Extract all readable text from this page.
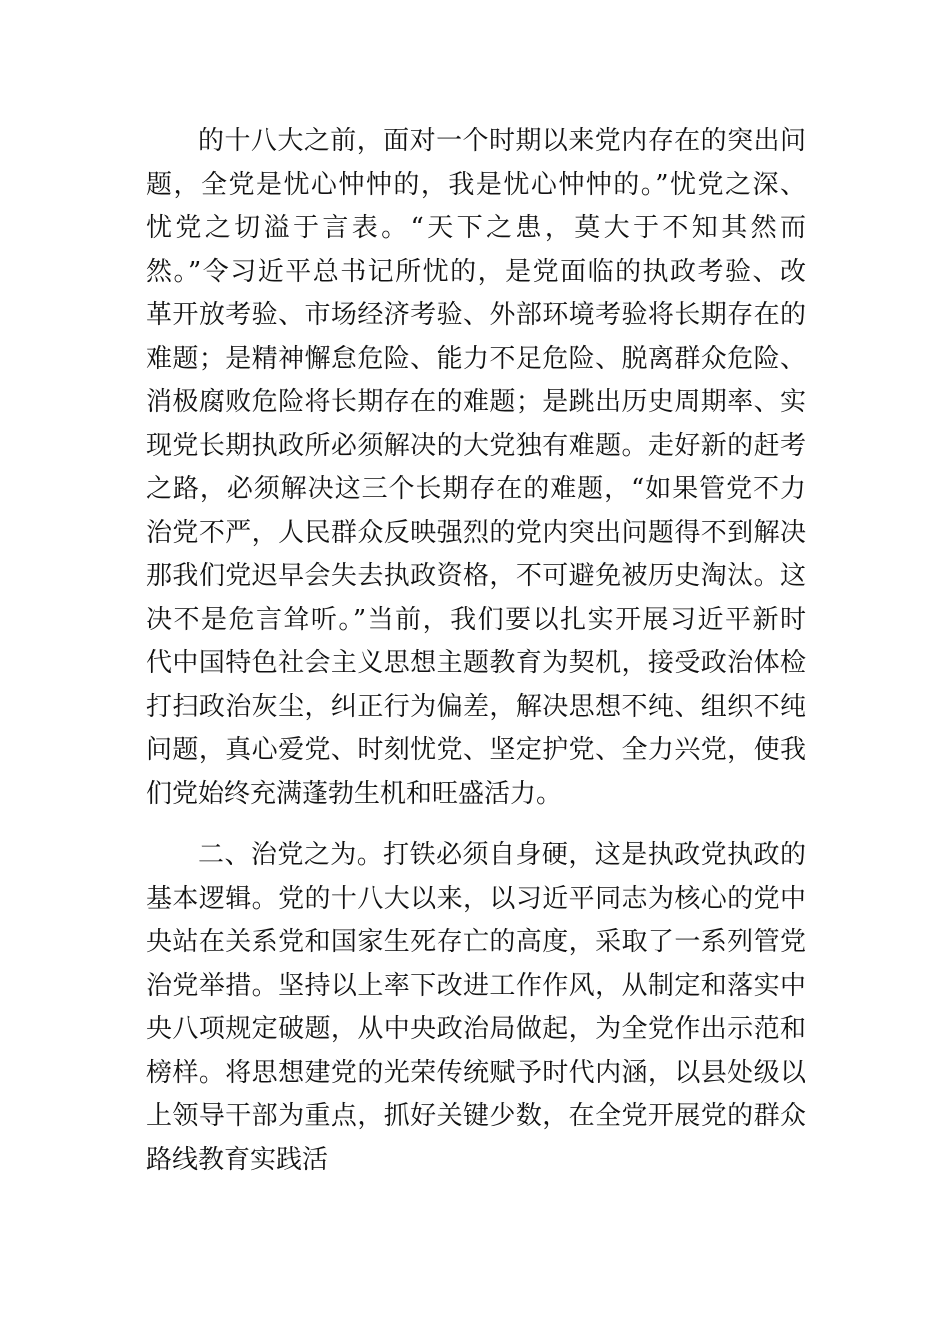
的十八大之前，面对一个时期以来党内存在的突出问
题，全党是忧心忡忡的，我是忧心忡忡的。”忧党之深、
忧党之切溢于言表。“天下之患，莫大于不知其然而
然。”令习近平总书记所忧的，是党面临的执政考验、改
革开放考验、市场经济考验、外部环境考验将长期存在的
难题；是精神懈怠危险、能力不足危险、脱离群众危险、
消极腐败危险将长期存在的难题；是跳出历史周期率、实
现党长期执政所必须解决的大党独有难题。走好新的赶考
之路，必须解决这三个长期存在的难题，“如果管党不力
治党不严，人民群众反映强烈的党内突出问题得不到解决
那我们党迟早会失去执政资格，不可避免被历史淘汰。这
决不是危言耸听。”当前，我们要以扎实开展习近平新时
代中国特色社会主义思想主题教育为契机，接受政治体检
打扫政治灰尘，纠正行为偏差，解决思想不纯、组织不纯
问题，真心爱党、时刻忧党、坚定护党、全力兴党，使我
们党始终充满蓬勃生机和旺盛活力。
二、治党之为。打铁必须自身硬，这是执政党执政的
基本逻辑。党的十八大以来，以习近平同志为核心的党中
央站在关系党和国家生死存亡的高度，采取了一系列管党
治党举措。坚持以上率下改进工作作风，从制定和落实中
央八项规定破题，从中央政治局做起，为全党作出示范和
榜样。将思想建党的光荣传统赋予时代内涵，以县处级以
上领导干部为重点，抓好关键少数，在全党开展党的群众
路线教育实践活
